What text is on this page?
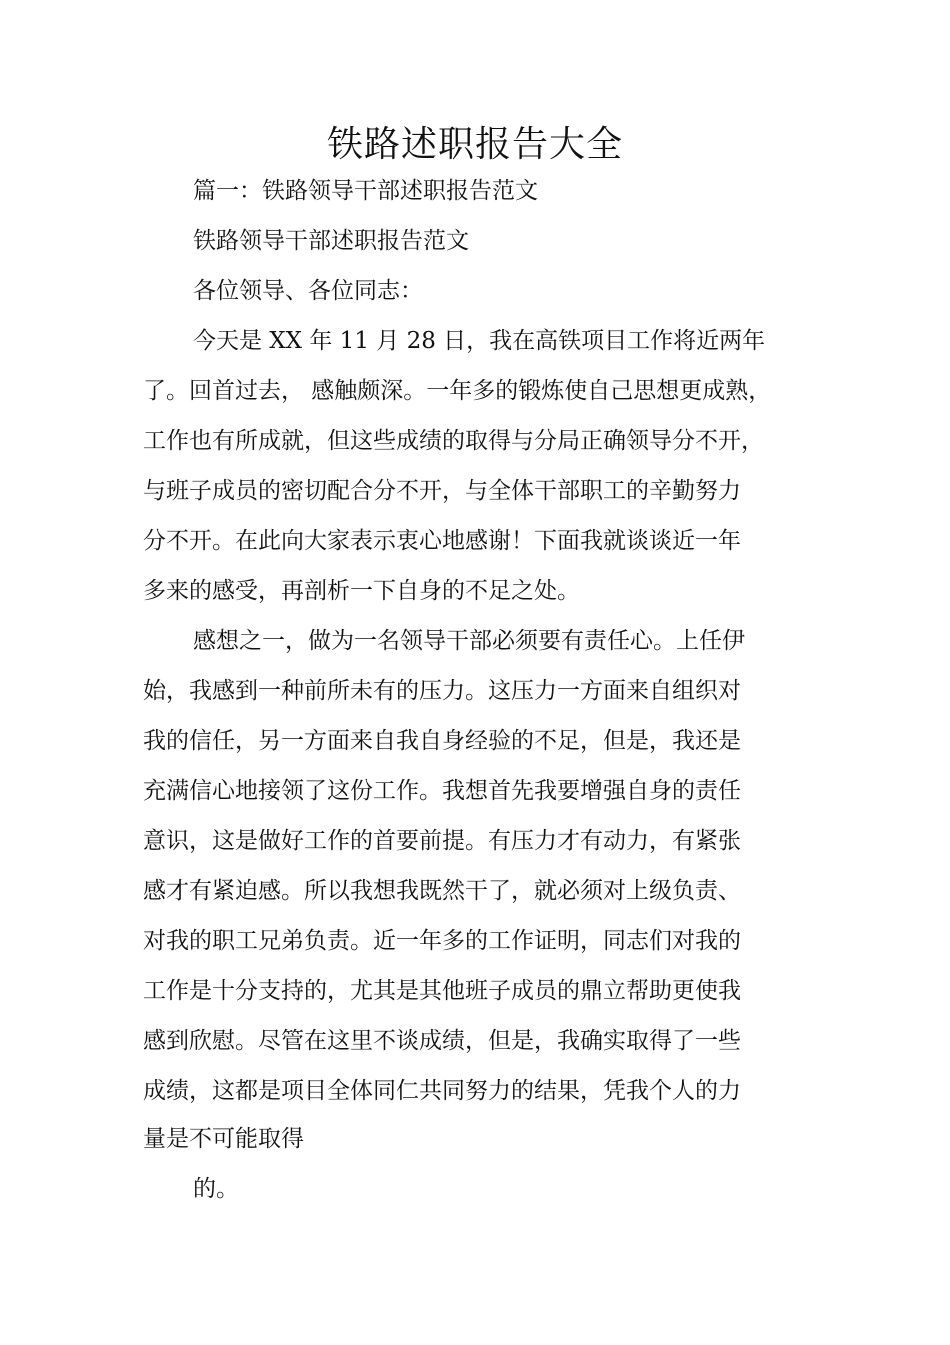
铁路述职报告大全
篇一：铁路领导干部述职报告范文
铁路领导干部述职报告范文
各位领导、各位同志：
今天是 XX 年 11 月 28 日，我在高铁项目工作将近两年
了。回首过去， 感触颇深。一年多的锻炼使自己思想更成熟，
工作也有所成就，但这些成绩的取得与分局正确领导分不开，
与班子成员的密切配合分不开，与全体干部职工的辛勤努力
分不开。在此向大家表示衷心地感谢！下面我就谈谈近一年
多来的感受，再剖析一下自身的不足之处。
感想之一，做为一名领导干部必须要有责任心。上任伊
始，我感到一种前所未有的压力。这压力一方面来自组织对
我的信任，另一方面来自我自身经验的不足，但是，我还是
充满信心地接领了这份工作。我想首先我要增强自身的责任
意识，这是做好工作的首要前提。有压力才有动力，有紧张
感才有紧迫感。所以我想我既然干了，就必须对上级负责、
对我的职工兄弟负责。近一年多的工作证明，同志们对我的
工作是十分支持的，尤其是其他班子成员的鼎立帮助更使我
感到欣慰。尽管在这里不谈成绩，但是，我确实取得了一些
成绩，这都是项目全体同仁共同努力的结果，凭我个人的力
量是不可能取得
的。
